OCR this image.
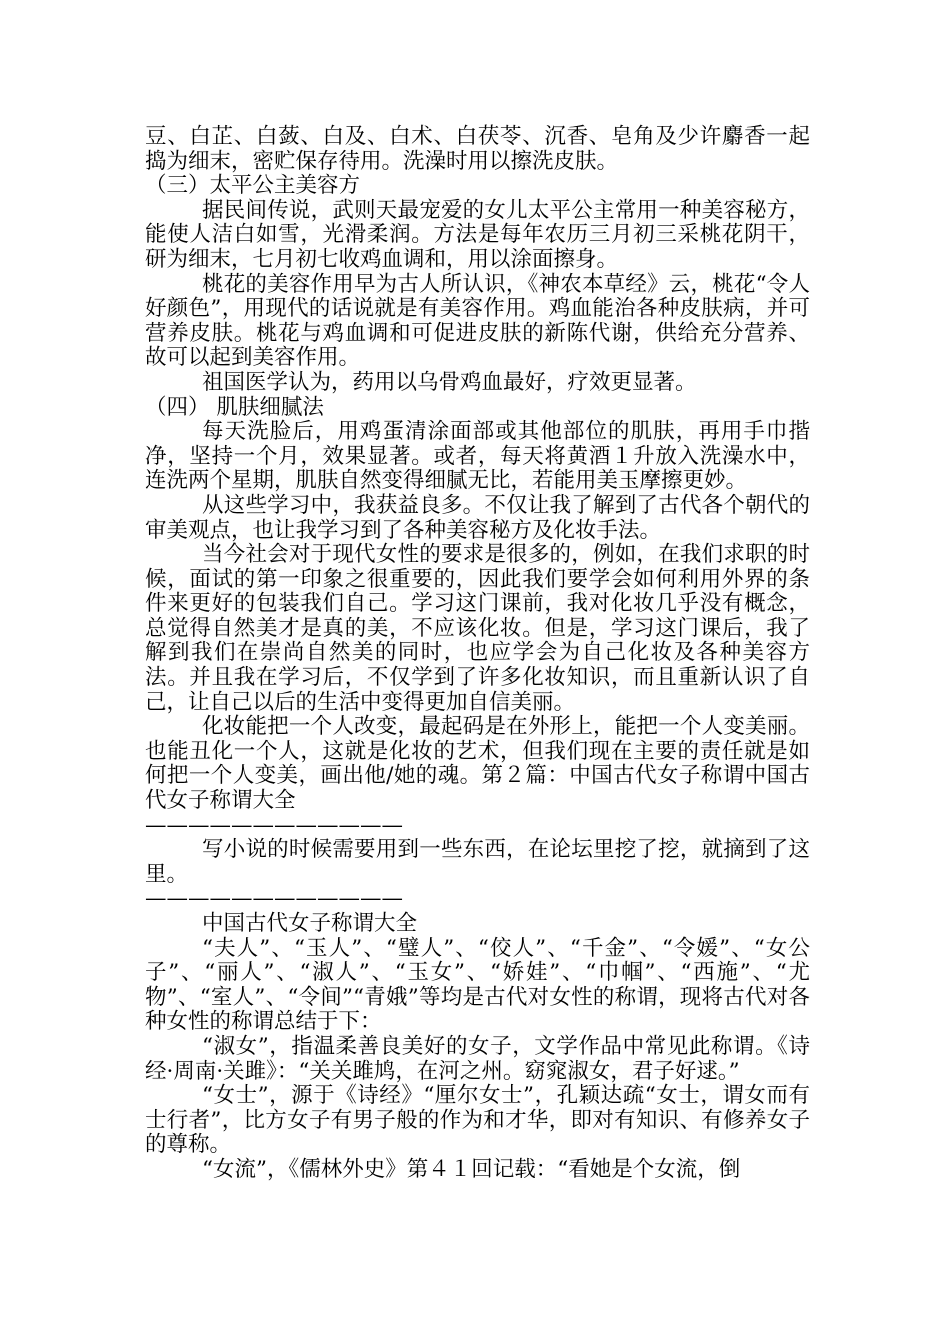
豆、白芷、白蔹、白及、白术、白茯苓、沉香、皂角及少许麝香一起捣为细末，密贮保存待用。洗澡时用以擦洗皮肤。

（三）太平公主美容方

据民间传说，武则天最宠爱的女儿太平公主常用一种美容秘方，能使人洁白如雪，光滑柔润。方法是每年农历三月初三采桃花阴干，研为细末，七月初七收鸡血调和，用以涂面擦身。

桃花的美容作用早为古人所认识，《神农本草经》云，桃花“令人好颜色”，用现代的话说就是有美容作用。鸡血能治各种皮肤病，并可营养皮肤。桃花与鸡血调和可促进皮肤的新陈代谢，供给充分营养、故可以起到美容作用。

祖国医学认为，药用以乌骨鸡血最好，疗效更显著。

（四） 肌肤细腻法

每天洗脸后，用鸡蛋清涂面部或其他部位的肌肤，再用手巾揩净，坚持一个月，效果显著。或者，每天将黄酒１升放入洗澡水中，连洗两个星期，肌肤自然变得细腻无比，若能用美玉摩擦更妙。

从这些学习中，我获益良多。不仅让我了解到了古代各个朝代的审美观点，也让我学习到了各种美容秘方及化妆手法。

当今社会对于现代女性的要求是很多的，例如，在我们求职的时候，面试的第一印象之很重要的，因此我们要学会如何利用外界的条件来更好的包装我们自己。学习这门课前，我对化妆几乎没有概念，总觉得自然美才是真的美，不应该化妆。但是，学习这门课后，我了解到我们在崇尚自然美的同时，也应学会为自己化妆及各种美容方法。并且我在学习后，不仅学到了许多化妆知识，而且重新认识了自己，让自己以后的生活中变得更加自信美丽。

化妆能把一个人改变，最起码是在外形上，能把一个人变美丽。也能丑化一个人，这就是化妆的艺术，但我们现在主要的责任就是如何把一个人变美，画出他/她的魂。第２篇：中国古代女子称谓中国古代女子称谓大全

————————————

写小说的时候需要用到一些东西，在论坛里挖了挖，就摘到了这里。

————————————

中国古代女子称谓大全

“夫人”、“玉人”、“璧人”、“佼人”、“千金”、“令媛”、“女公子”、“丽人”、“淑人”、“玉女”、“娇娃”、“巾帼”、“西施”、“尤物”、“室人”、“令间”“青娥”等均是古代对女性的称谓，现将古代对各种女性的称谓总结于下：

“淑女”，指温柔善良美好的女子，文学作品中常见此称谓。《诗经·周南·关雎》：“关关雎鸠，在河之州。窈窕淑女，君子好逑。”

“女士”，源于《诗经》“厘尔女士”，孔颖达疏“女士，谓女而有士行者”，比方女子有男子般的作为和才华，即对有知识、有修养女子的尊称。

“女流”，《儒林外史》第４１回记载：“看她是个女流，倒
